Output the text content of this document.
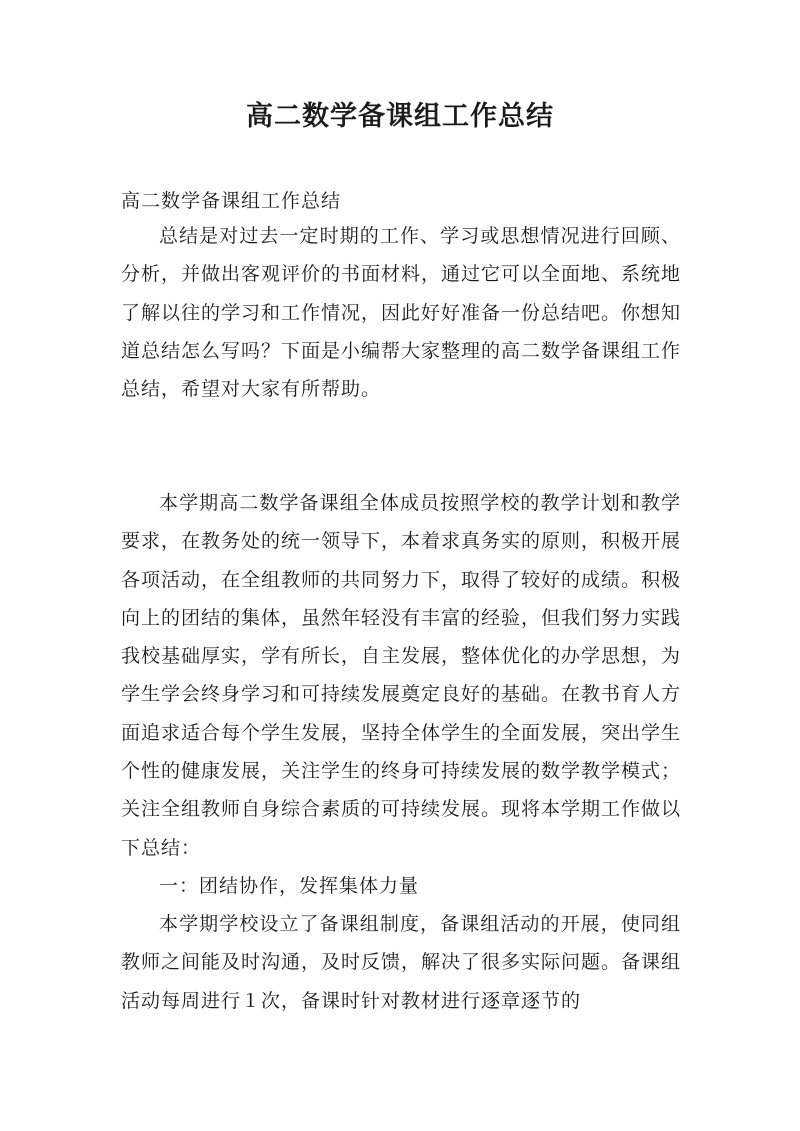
高二数学备课组工作总结

高二数学备课组工作总结

总结是对过去一定时期的工作、学习或思想情况进行回顾、分析，并做出客观评价的书面材料，通过它可以全面地、系统地了解以往的学习和工作情况，因此好好准备一份总结吧。你想知道总结怎么写吗？下面是小编帮大家整理的高二数学备课组工作总结，希望对大家有所帮助。

本学期高二数学备课组全体成员按照学校的教学计划和教学要求，在教务处的统一领导下，本着求真务实的原则，积极开展各项活动，在全组教师的共同努力下，取得了较好的成绩。积极向上的团结的集体，虽然年轻没有丰富的经验，但我们努力实践我校基础厚实，学有所长，自主发展，整体优化的办学思想，为学生学会终身学习和可持续发展奠定良好的基础。在教书育人方面追求适合每个学生发展，坚持全体学生的全面发展，突出学生个性的健康发展，关注学生的终身可持续发展的数学教学模式；关注全组教师自身综合素质的可持续发展。现将本学期工作做以下总结：

一：团结协作，发挥集体力量

本学期学校设立了备课组制度，备课组活动的开展，使同组教师之间能及时沟通，及时反馈，解决了很多实际问题。备课组活动每周进行１次，备课时针对教材进行逐章逐节的
